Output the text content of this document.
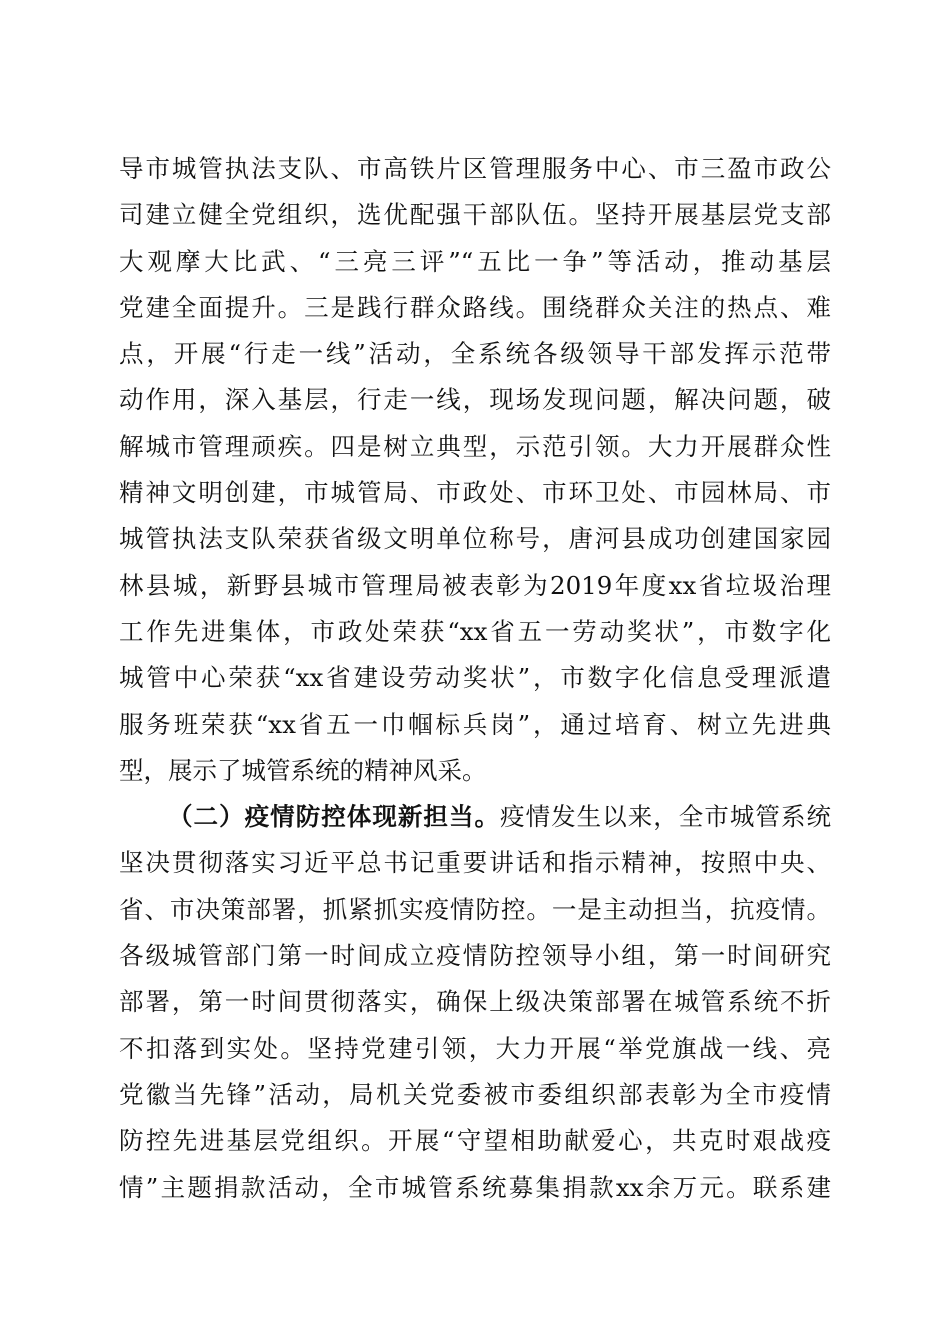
导市城管执法支队、市高铁片区管理服务中心、市三盈市政公
司建立健全党组织，选优配强干部队伍。坚持开展基层党支部
大观摩大比武、“三亮三评”“五比一争”等活动，推动基层
党建全面提升。三是践行群众路线。围绕群众关注的热点、难
点，开展“行走一线”活动，全系统各级领导干部发挥示范带
动作用，深入基层，行走一线，现场发现问题，解决问题，破
解城市管理顽疾。四是树立典型，示范引领。大力开展群众性
精神文明创建，市城管局、市政处、市环卫处、市园林局、市
城管执法支队荣获省级文明单位称号，唐河县成功创建国家园
林县城，新野县城市管理局被表彰为2019年度xx省垃圾治理
工作先进集体，市政处荣获“xx省五一劳动奖状”，市数字化
城管中心荣获“xx省建设劳动奖状”，市数字化信息受理派遣
服务班荣获“xx省五一巾帼标兵岗”，通过培育、树立先进典
型，展示了城管系统的精神风采。
（二）疫情防控体现新担当。疫情发生以来，全市城管系统
坚决贯彻落实习近平总书记重要讲话和指示精神，按照中央、
省、市决策部署，抓紧抓实疫情防控。一是主动担当，抗疫情。
各级城管部门第一时间成立疫情防控领导小组，第一时间研究
部署，第一时间贯彻落实，确保上级决策部署在城管系统不折
不扣落到实处。坚持党建引领，大力开展“举党旗战一线、亮
党徽当先锋”活动，局机关党委被市委组织部表彰为全市疫情
防控先进基层党组织。开展“守望相助献爱心，共克时艰战疫
情”主题捐款活动，全市城管系统募集捐款xx余万元。联系建
